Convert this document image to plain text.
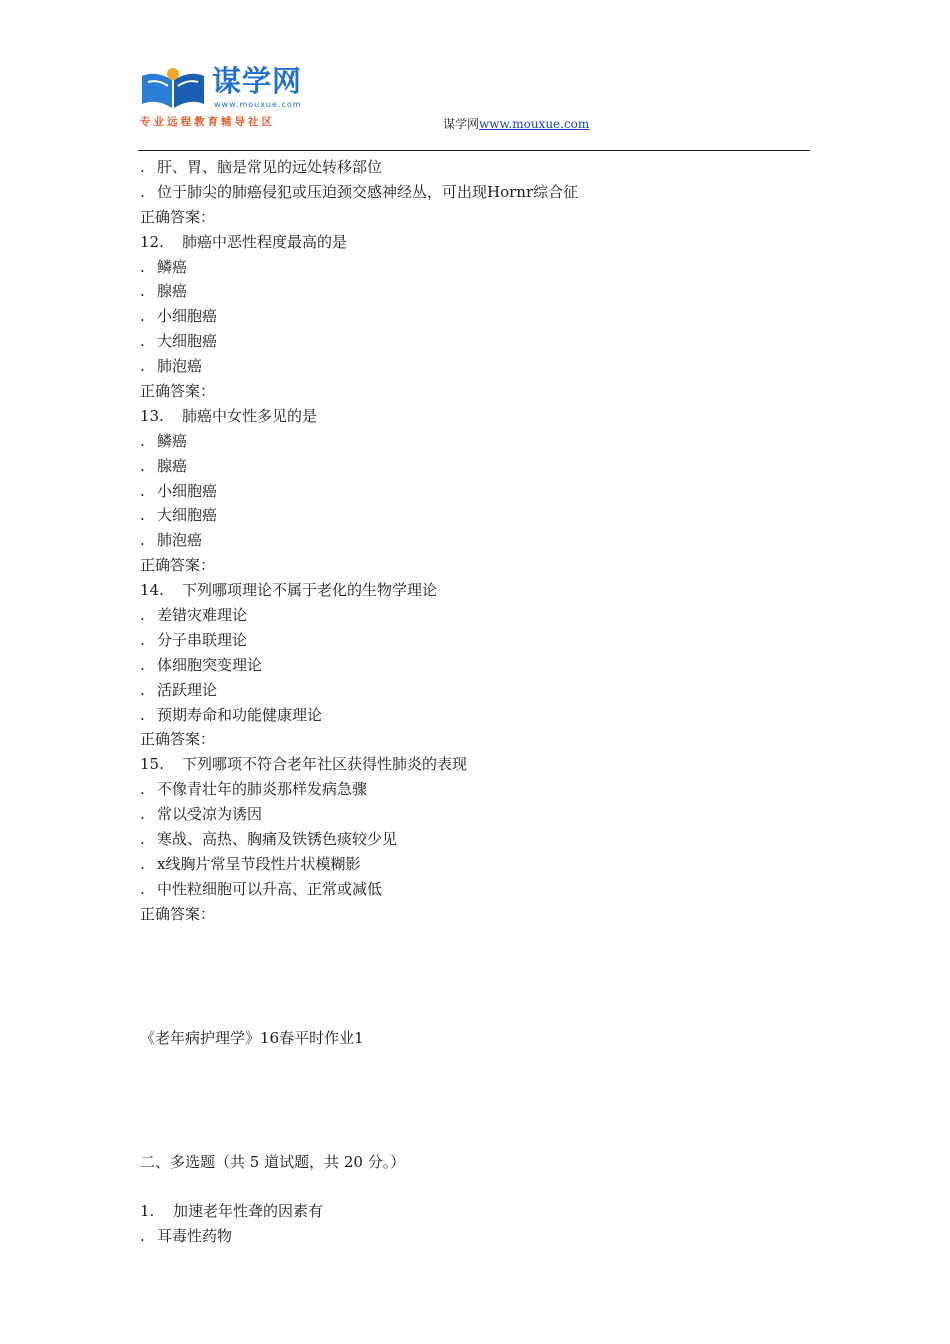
谋学网
www.mouxue.com
专业远程教育辅导社区	谋学网www.mouxue.com
. 肝、胃、脑是常见的远处转移部位
. 位于肺尖的肺癌侵犯或压迫颈交感神经丛，可出现Hornr综合征
正确答案：
12. 肺癌中恶性程度最高的是
. 鳞癌
. 腺癌
. 小细胞癌
. 大细胞癌
. 肺泡癌
正确答案：
13. 肺癌中女性多见的是
. 鳞癌
. 腺癌
. 小细胞癌
. 大细胞癌
. 肺泡癌
正确答案：
14. 下列哪项理论不属于老化的生物学理论
. 差错灾难理论
. 分子串联理论
. 体细胞突变理论
. 活跃理论
. 预期寿命和功能健康理论
正确答案：
15. 下列哪项不符合老年社区获得性肺炎的表现
. 不像青壮年的肺炎那样发病急骤
. 常以受凉为诱因
. 寒战、高热、胸痛及铁锈色痰较少见
. x线胸片常呈节段性片状模糊影
. 中性粒细胞可以升高、正常或减低
正确答案：
《老年病护理学》16春平时作业1
二、多选题（共 5 道试题，共 20 分。）
1. 加速老年性聋的因素有
. 耳毒性药物
